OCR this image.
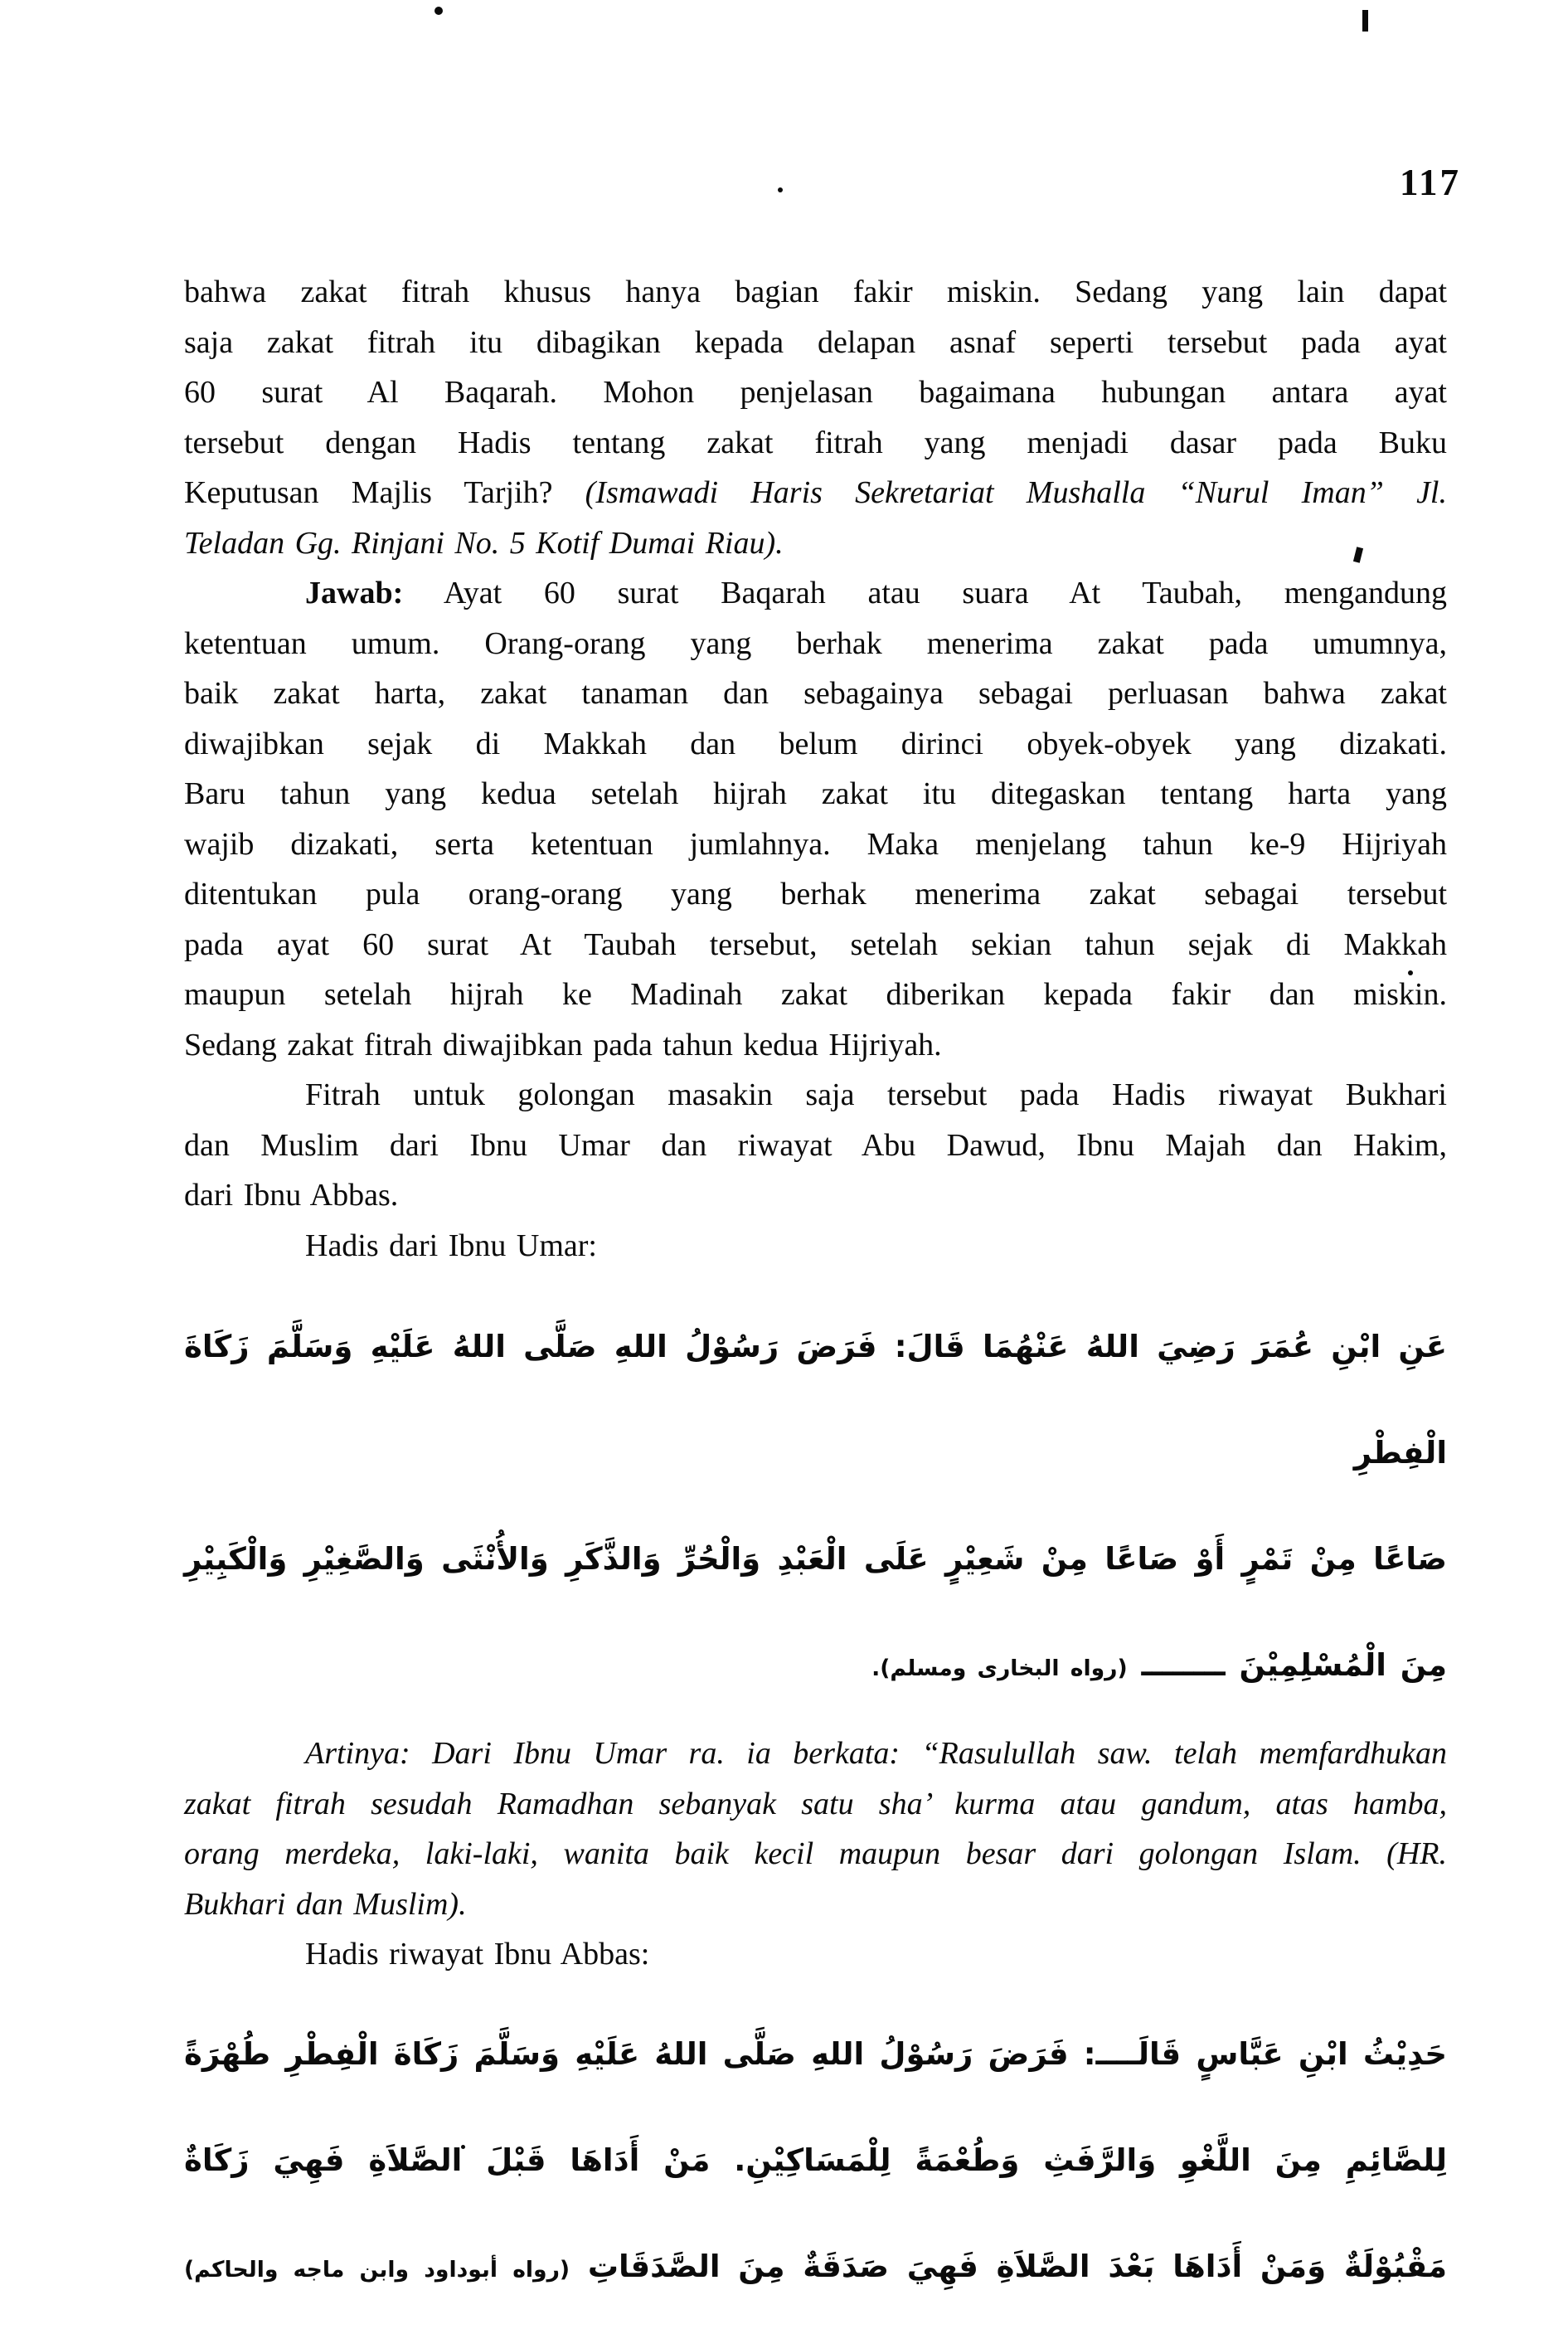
117
bahwa zakat fitrah khusus hanya bagian fakir miskin. Sedang yang lain dapat
saja zakat fitrah itu dibagikan kepada delapan asnaf seperti tersebut pada ayat
60 surat Al Baqarah. Mohon penjelasan bagaimana hubungan antara ayat
tersebut dengan Hadis tentang zakat fitrah yang menjadi dasar pada Buku
Keputusan Majlis Tarjih? (Ismawadi Haris Sekretariat Mushalla “Nurul Iman” Jl.
Teladan Gg. Rinjani No. 5 Kotif Dumai Riau).
Jawab: Ayat 60 surat Baqarah atau suara At Taubah, mengandung
ketentuan umum. Orang-orang yang berhak menerima zakat pada umumnya,
baik zakat harta, zakat tanaman dan sebagainya sebagai perluasan bahwa zakat
diwajibkan sejak di Makkah dan belum dirinci obyek-obyek yang dizakati.
Baru tahun yang kedua setelah hijrah zakat itu ditegaskan tentang harta yang
wajib dizakati, serta ketentuan jumlahnya. Maka menjelang tahun ke-9 Hijriyah
ditentukan pula orang-orang yang berhak menerima zakat sebagai tersebut
pada ayat 60 surat At Taubah tersebut, setelah sekian tahun sejak di Makkah
maupun setelah hijrah ke Madinah zakat diberikan kepada fakir dan miskin.
Sedang zakat fitrah diwajibkan pada tahun kedua Hijriyah.
Fitrah untuk golongan masakin saja tersebut pada Hadis riwayat Bukhari
dan Muslim dari Ibnu Umar dan riwayat Abu Dawud, Ibnu Majah dan Hakim,
dari Ibnu Abbas.
Hadis dari Ibnu Umar:
عَنِ ابْنِ عُمَرَ رَضِيَ اللهُ عَنْهُمَا قَالَ: فَرَضَ رَسُوْلُ اللهِ صَلَّى اللهُ عَلَيْهِ وَسَلَّمَ زَكَاةَ الْفِطْرِ
صَاعًا مِنْ تَمْرٍ أَوْ صَاعًا مِنْ شَعِيْرٍ عَلَى الْعَبْدِ وَالْحُرِّ وَالذَّكَرِ وَالأُنْثَى وَالصَّغِيْرِ وَالْكَبِيْرِ
مِنَ الْمُسْلِمِيْنَ ــــــــ (رواه البخارى ومسلم).
Artinya: Dari Ibnu Umar ra. ia berkata: “Rasulullah saw. telah memfardhukan
zakat fitrah sesudah Ramadhan sebanyak satu sha’ kurma atau gandum, atas hamba,
orang merdeka, laki-laki, wanita baik kecil maupun besar dari golongan Islam. (HR.
Bukhari dan Muslim).
Hadis riwayat Ibnu Abbas:
حَدِيْثُ ابْنِ عَبَّاسٍ قَالَــــ: فَرَضَ رَسُوْلُ اللهِ صَلَّى اللهُ عَلَيْهِ وَسَلَّمَ زَكَاةَ الْفِطْرِ طُهْرَةً
لِلصَّائِمِ مِنَ اللَّغْوِ وَالرَّفَثِ وَطُعْمَةً لِلْمَسَاكِيْنِ. مَنْ أَدَاهَا قَبْلَ الصَّلاَةِ فَهِيَ زَكَاةٌ
مَقْبُوْلَةٌ وَمَنْ أَدَاهَا بَعْدَ الصَّلاَةِ فَهِيَ صَدَقَةٌ مِنَ الصَّدَقَاتِ (رواه أبوداود وابن ماجه والحاكم)
